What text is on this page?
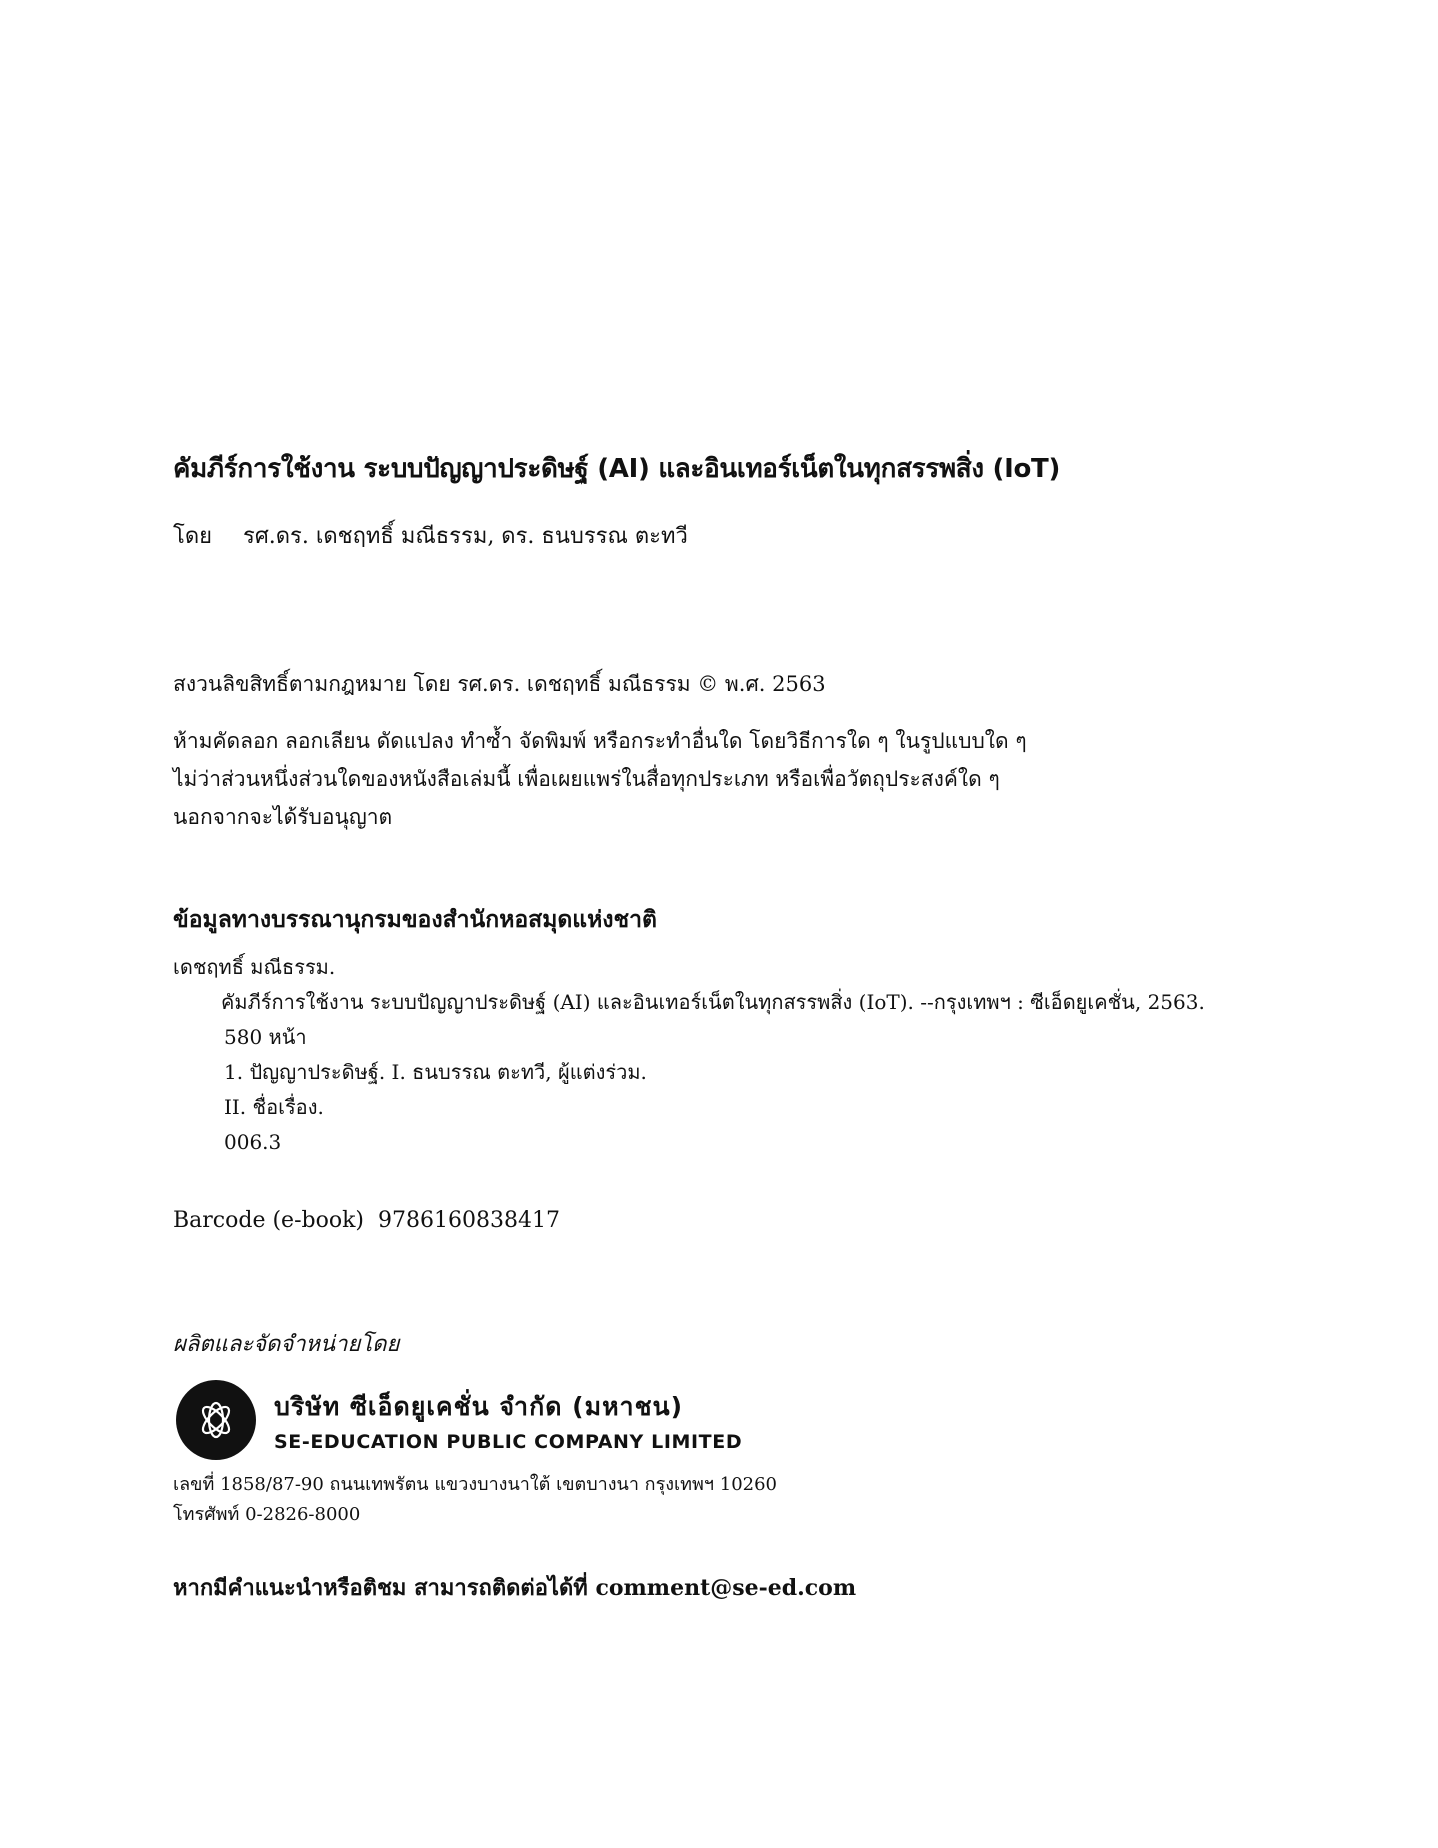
คัมภีร์การใช้งาน ระบบปัญญาประดิษฐ์ (AI) และอินเทอร์เน็ตในทุกสรรพสิ่ง (IoT)
โดย รศ.ดร. เดชฤทธิ์ มณีธรรม, ดร. ธนบรรณ ตะทวี
สงวนลิขสิทธิ์ตามกฎหมาย โดย รศ.ดร. เดชฤทธิ์ มณีธรรม © พ.ศ. 2563
ห้ามคัดลอก ลอกเลียน ดัดแปลง ทำซ้ำ จัดพิมพ์ หรือกระทำอื่นใด โดยวิธีการใด ๆ ในรูปแบบใด ๆ
ไม่ว่าส่วนหนึ่งส่วนใดของหนังสือเล่มนี้ เพื่อเผยแพร่ในสื่อทุกประเภท หรือเพื่อวัตถุประสงค์ใด ๆ
นอกจากจะได้รับอนุญาต
ข้อมูลทางบรรณานุกรมของสำนักหอสมุดแห่งชาติ
เดชฤทธิ์ มณีธรรม.
คัมภีร์การใช้งาน ระบบปัญญาประดิษฐ์ (AI) และอินเทอร์เน็ตในทุกสรรพสิ่ง (IoT). --กรุงเทพฯ : ซีเอ็ดยูเคชั่น, 2563.
580 หน้า
1. ปัญญาประดิษฐ์. I. ธนบรรณ ตะทวี, ผู้แต่งร่วม.
II. ชื่อเรื่อง.
006.3
Barcode (e-book) 9786160838417
ผลิตและจัดจำหน่ายโดย
บริษัท ซีเอ็ดยูเคชั่น จำกัด (มหาชน)
SE-EDUCATION PUBLIC COMPANY LIMITED
เลขที่ 1858/87-90 ถนนเทพรัตน แขวงบางนาใต้ เขตบางนา กรุงเทพฯ 10260
โทรศัพท์ 0-2826-8000
หากมีคำแนะนำหรือติชม สามารถติดต่อได้ที่ comment@se-ed.com
